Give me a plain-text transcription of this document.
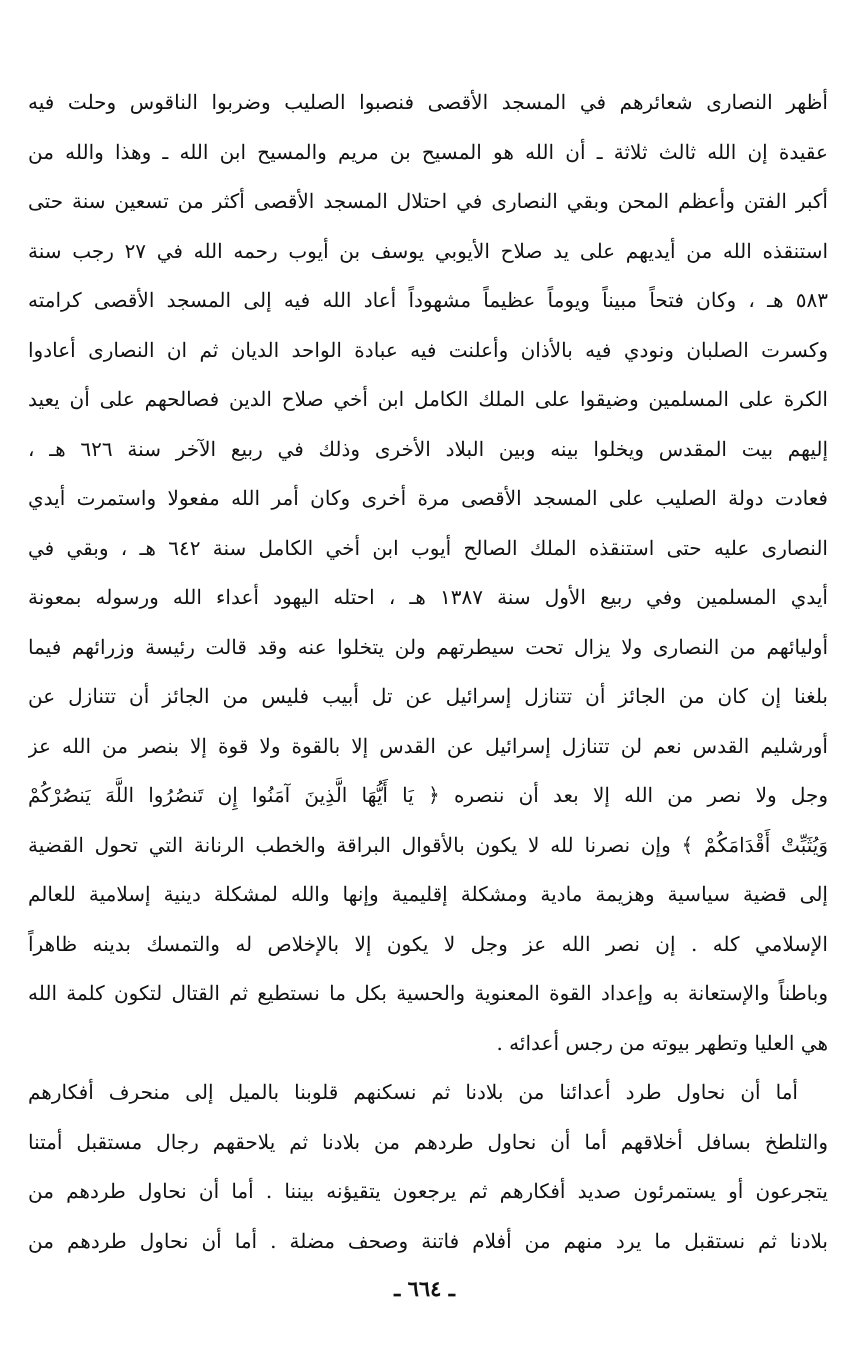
أظهر النصارى شعائرهم في المسجد الأقصى فنصبوا الصليب وضربوا الناقوس وحلت فيه
عقيدة إن الله ثالث ثلاثة ـ أن الله هو المسيح بن مريم والمسيح ابن الله ـ وهذا والله من
أكبر الفتن وأعظم المحن وبقي النصارى في احتلال المسجد الأقصى أكثر من تسعين سنة حتى
استنقذه الله من أيديهم على يد صلاح الأيوبي يوسف بن أيوب رحمه الله في ٢٧ رجب سنة
٥٨٣ هـ ، وكان فتحاً مبيناً ويوماً عظيماً مشهوداً أعاد الله فيه إلى المسجد الأقصى كرامته
وكسرت الصلبان ونودي فيه بالأذان وأعلنت فيه عبادة الواحد الديان ثم ان النصارى أعادوا
الكرة على المسلمين وضيقوا على الملك الكامل ابن أخي صلاح الدين فصالحهم على أن يعيد
إليهم بيت المقدس ويخلوا بينه وبين البلاد الأخرى وذلك في ربيع الآخر سنة ٦٢٦ هـ ،
فعادت دولة الصليب على المسجد الأقصى مرة أخرى وكان أمر الله مفعولا واستمرت أيدي
النصارى عليه حتى استنقذه الملك الصالح أيوب ابن أخي الكامل سنة ٦٤٢ هـ ، وبقي في
أيدي المسلمين وفي ربيع الأول سنة ١٣٨٧ هـ ، احتله اليهود أعداء الله ورسوله بمعونة
أوليائهم من النصارى ولا يزال تحت سيطرتهم ولن يتخلوا عنه وقد قالت رئيسة وزرائهم فيما
بلغنا إن كان من الجائز أن تتنازل إسرائيل عن تل أبيب فليس من الجائز أن تتنازل عن
أورشليم القدس نعم لن تتنازل إسرائيل عن القدس إلا بالقوة ولا قوة إلا بنصر من الله عز
وجل ولا نصر من الله إلا بعد أن ننصره ﴿ يَا أَيُّهَا الَّذِينَ آمَنُوا إِن تَنصُرُوا اللَّهَ يَنصُرْكُمْ
وَيُثَبِّتْ أَقْدَامَكُمْ ﴾ وإن نصرنا لله لا يكون بالأقوال البراقة والخطب الرنانة التي تحول القضية
إلى قضية سياسية وهزيمة مادية ومشكلة إقليمية وإنها والله لمشكلة دينية إسلامية للعالم
الإسلامي كله . إن نصر الله عز وجل لا يكون إلا بالإخلاص له والتمسك بدينه ظاهراً
وباطناً والإستعانة به وإعداد القوة المعنوية والحسية بكل ما نستطيع ثم القتال لتكون كلمة الله
هي العليا وتطهر بيوته من رجس أعدائه .
أما أن نحاول طرد أعدائنا من بلادنا ثم نسكنهم قلوبنا بالميل إلى منحرف أفكارهم
والتلطخ بسافل أخلاقهم أما أن نحاول طردهم من بلادنا ثم يلاحقهم رجال مستقبل أمتنا
يتجرعون أو يستمرئون صديد أفكارهم ثم يرجعون يتقيؤنه بيننا . أما أن نحاول طردهم من
بلادنا ثم نستقبل ما يرد منهم من أفلام فاتنة وصحف مضلة . أما أن نحاول طردهم من
ـ ٦٦٤ ـ
